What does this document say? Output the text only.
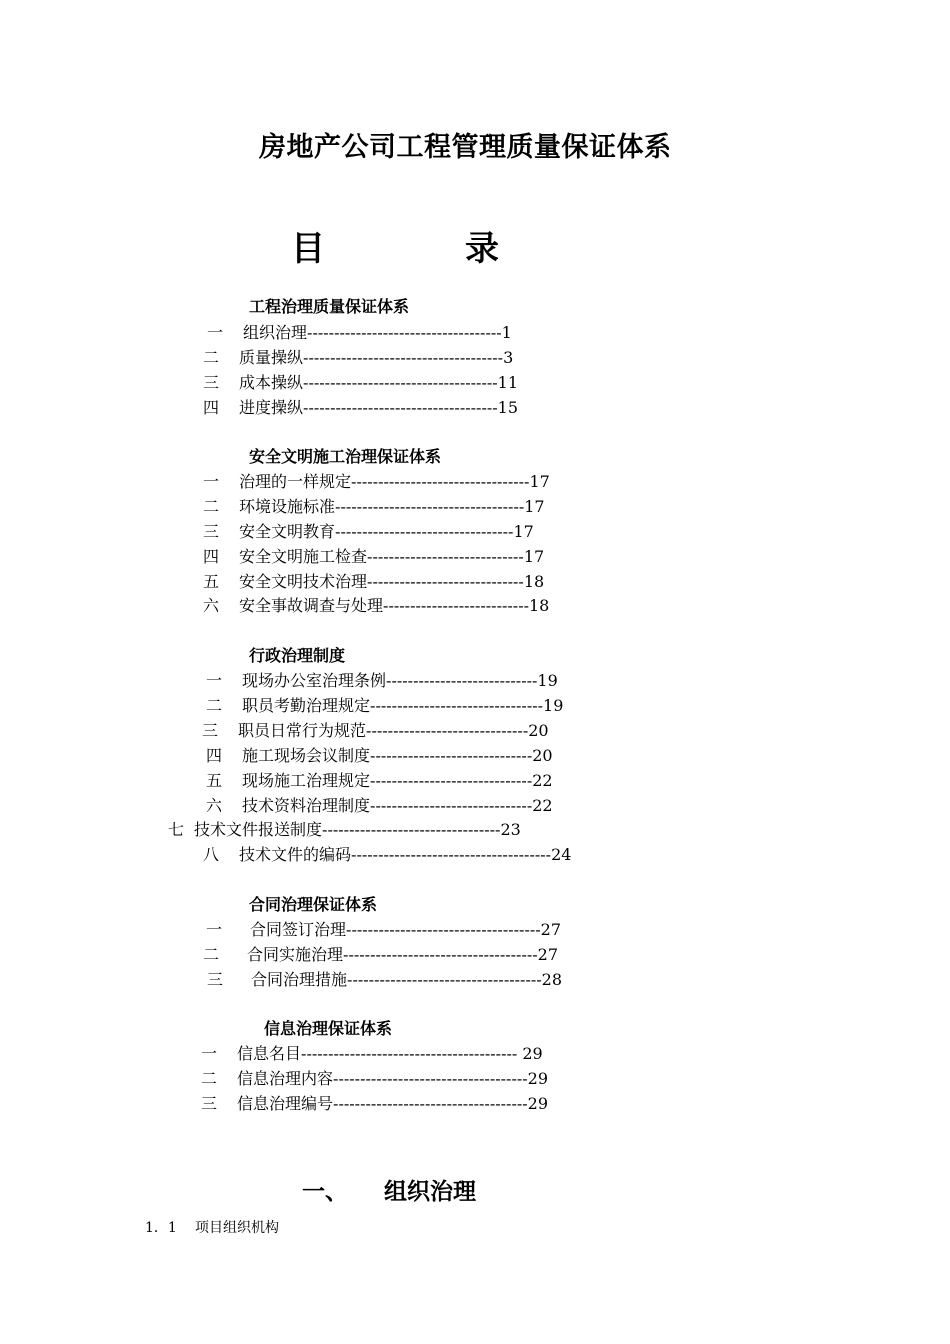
房地产公司工程管理质量保证体系
目	录
工程治理质量保证体系
一 组织治理------------------------------------1
二 质量操纵-------------------------------------3
三 成本操纵------------------------------------11
四 进度操纵------------------------------------15
安全文明施工治理保证体系
一 治理的一样规定---------------------------------17
二 环境设施标准-----------------------------------17
三 安全文明教育---------------------------------17
四 安全文明施工检查-----------------------------17
五 安全文明技术治理-----------------------------18
六 安全事故调查与处理---------------------------18
行政治理制度
一 现场办公室治理条例----------------------------19
二 职员考勤治理规定--------------------------------19
三 职员日常行为规范------------------------------20
四 施工现场会议制度------------------------------20
五 现场施工治理规定------------------------------22
六 技术资料治理制度------------------------------22
七 技术文件报送制度---------------------------------23
八 技术文件的编码-------------------------------------24
合同治理保证体系
一 合同签订治理------------------------------------27
二 合同实施治理------------------------------------27
三 合同治理措施------------------------------------28
信息治理保证体系
一 信息名目---------------------------------------- 29
二 信息治理内容------------------------------------29
三 信息治理编号------------------------------------29
一、 组织治理
1．1 项目组织机构
